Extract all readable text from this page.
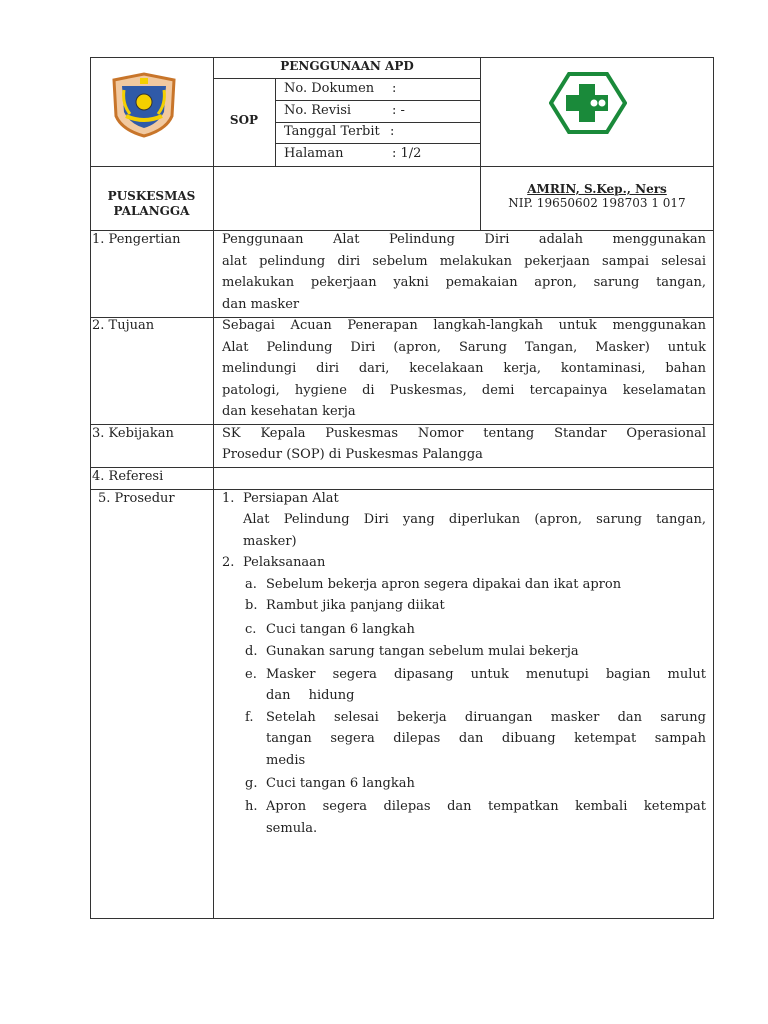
PENGGUNAAN APD
SOP
No. Dokumen :
No. Revisi	: -
Tanggal Terbit :
Halaman	: 1/2
PUSKESMAS
PALANGGA
AMRIN, S.Kep., Ners
NIP. 19650602 198703 1 017
1. Pengertian	Penggunaan Alat Pelindung Diri adalah menggunakan
alat pelindung diri sebelum melakukan pekerjaan sampai selesai
melakukan pekerjaan yakni pemakaian apron, sarung tangan,
dan masker
2. Tujuan	Sebagai Acuan Penerapan langkah-langkah untuk menggunakan
Alat Pelindung Diri (apron, Sarung Tangan, Masker) untuk
melindungi diri dari, kecelakaan kerja, kontaminasi, bahan
patologi, hygiene di Puskesmas, demi tercapainya keselamatan
dan kesehatan kerja
3. Kebijakan	SK Kepala Puskesmas Nomor tentang Standar Operasional
Prosedur (SOP) di Puskesmas Palangga
4. Referesi
5. Prosedur	1. Persiapan Alat
Alat Pelindung Diri yang diperlukan (apron, sarung tangan,
masker)
2. Pelaksanaan
a. Sebelum bekerja apron segera dipakai dan ikat apron
b. Rambut jika panjang diikat
c. Cuci tangan 6 langkah
d. Gunakan sarung tangan sebelum mulai bekerja
e. Masker segera dipasang untuk menutupi bagian mulut
dan hidung
f. Setelah selesai bekerja diruangan masker dan sarung
tangan segera dilepas dan dibuang ketempat sampah
medis
g. Cuci tangan 6 langkah
h. Apron segera dilepas dan tempatkan kembali ketempat
semula.
